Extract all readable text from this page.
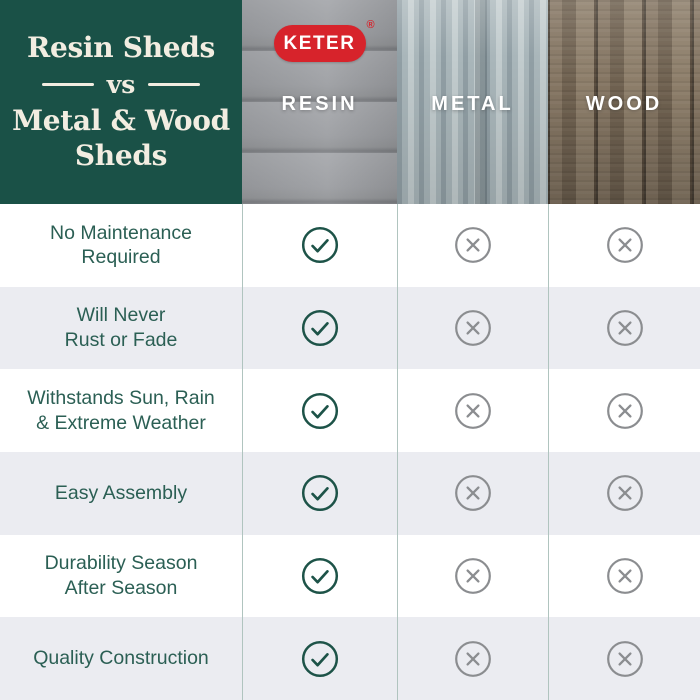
Resin Sheds
vs
Metal & Wood
Sheds
KETER
®
RESIN	METAL	WOOD
No Maintenance
Required
Will Never
Rust or Fade
Withstands Sun, Rain
& Extreme Weather
Easy Assembly
Durability Season
After Season
Quality Construction
